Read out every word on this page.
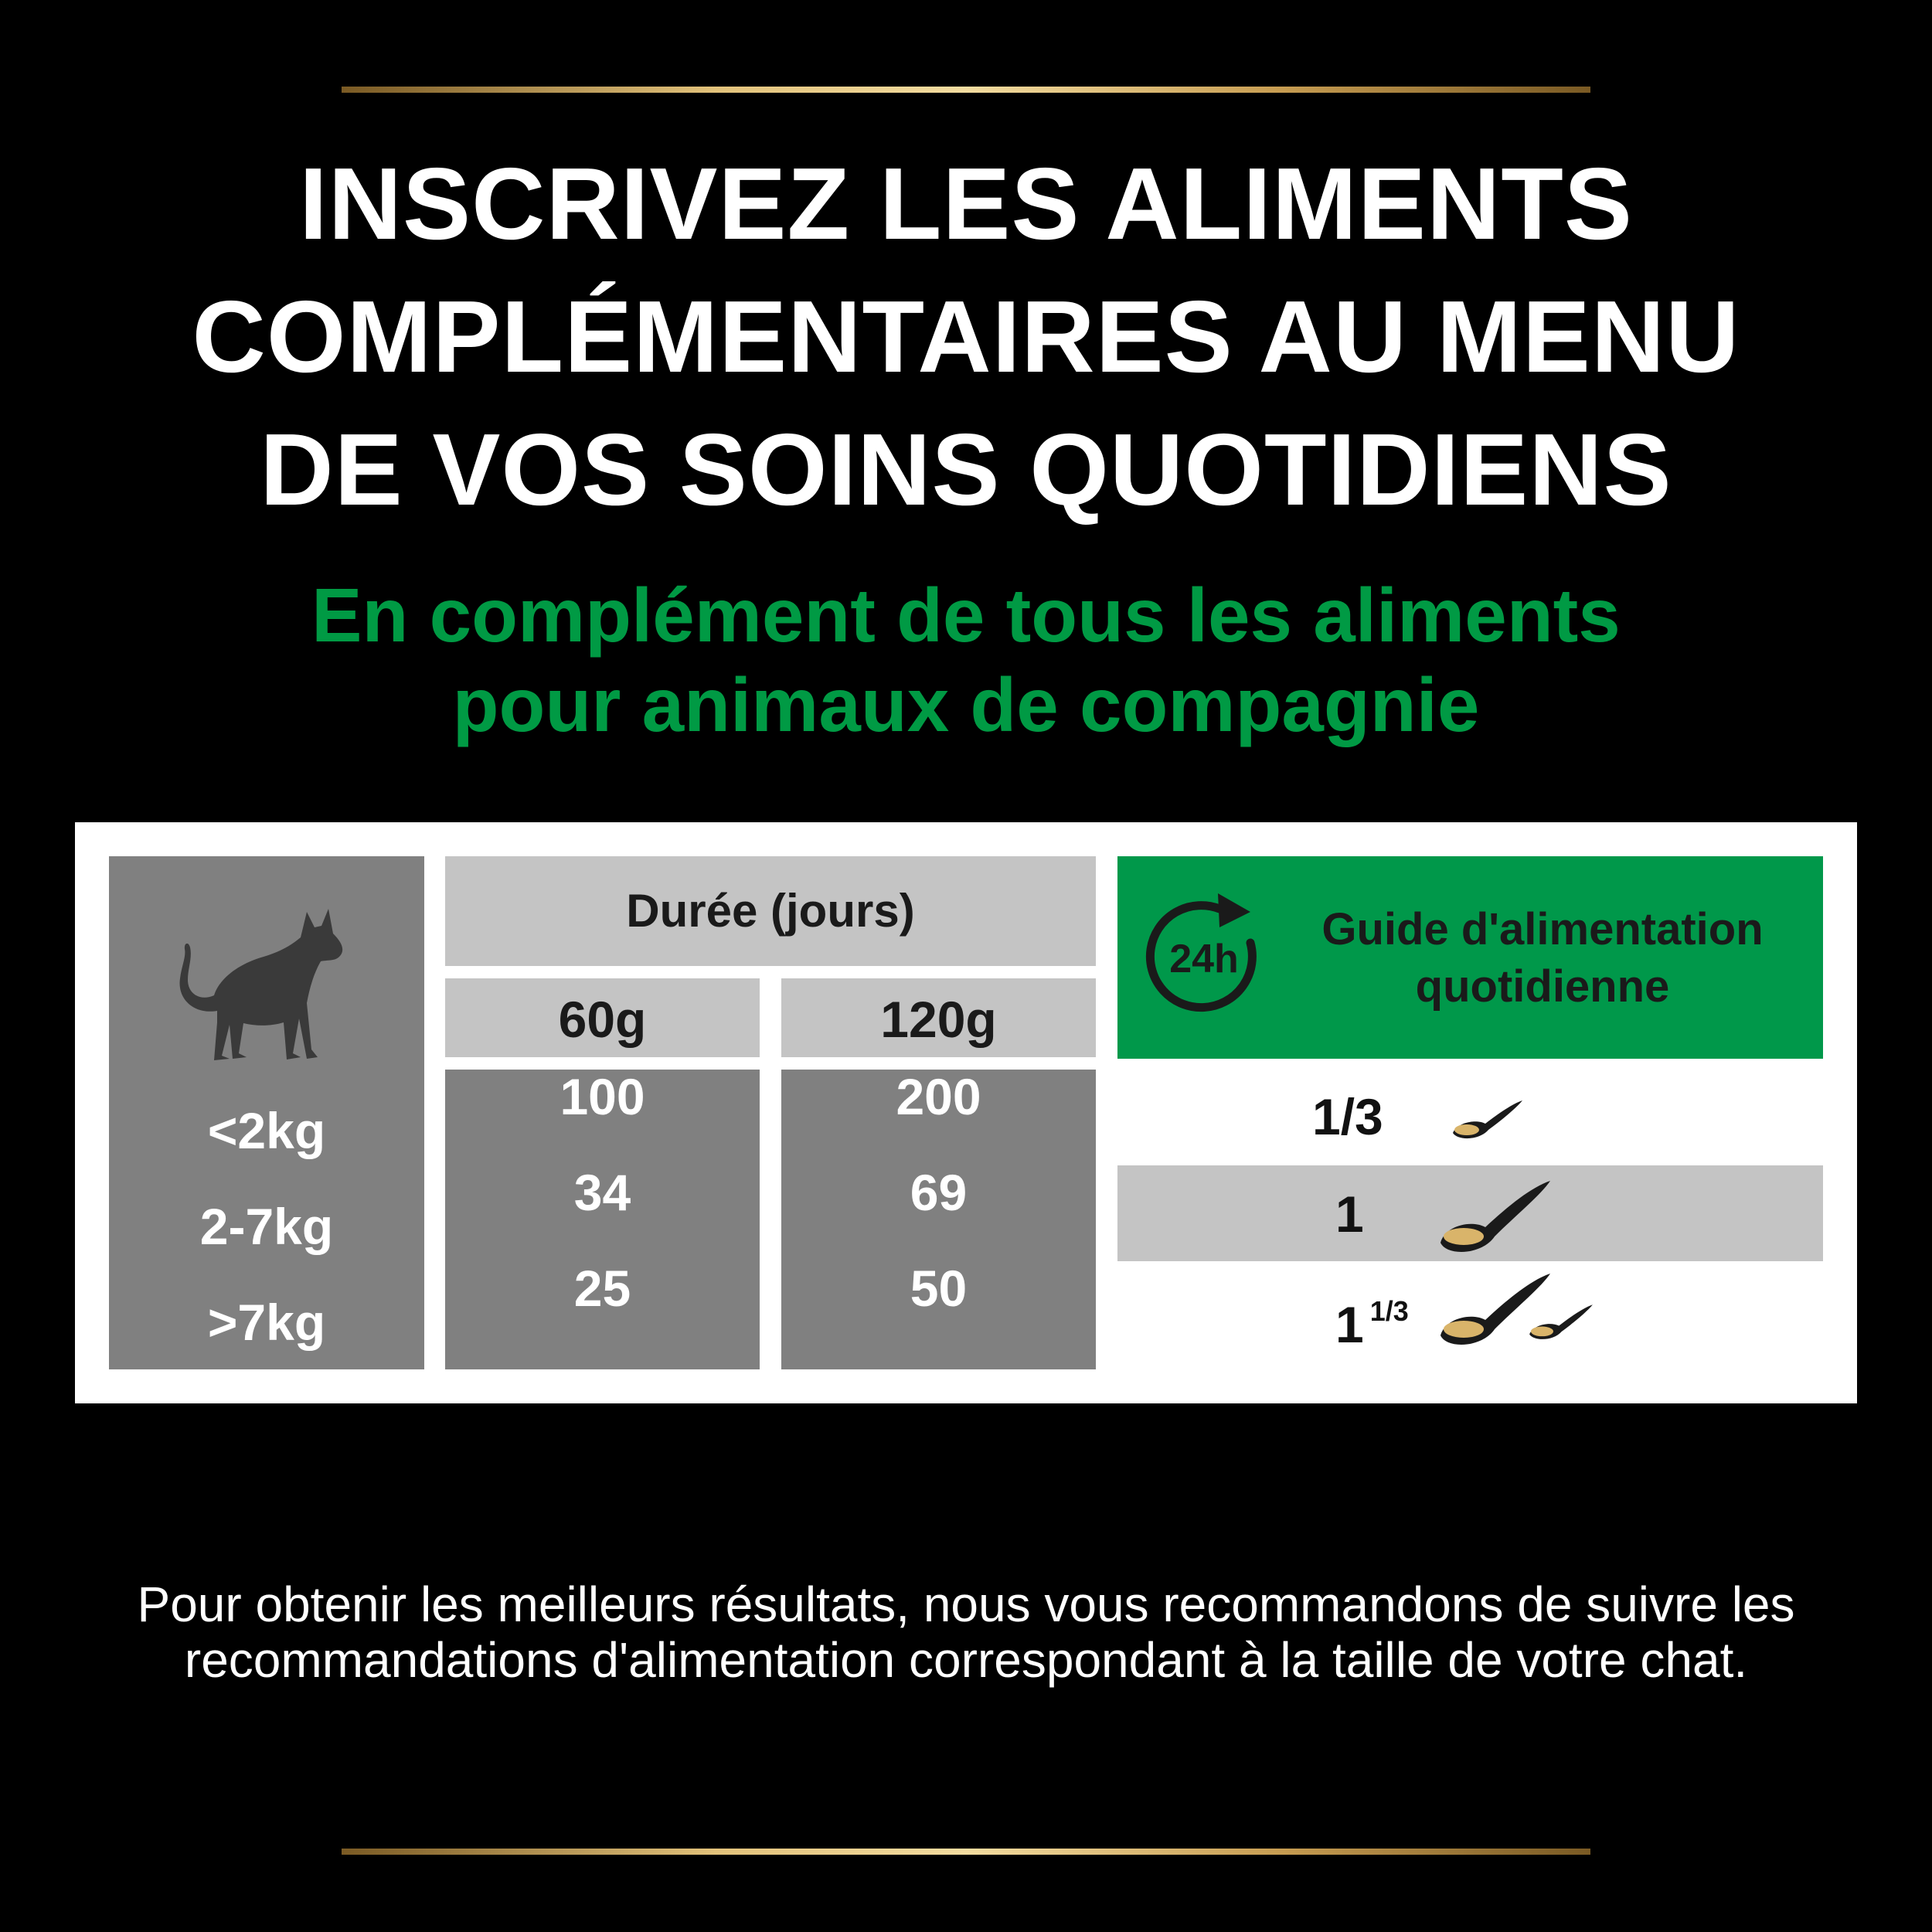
INSCRIVEZ LES ALIMENTS
COMPLÉMENTAIRES AU MENU
DE VOS SOINS QUOTIDIENS
En complément de tous les aliments
pour animaux de compagnie
<2kg
2-7kg
>7kg
Durée (jours)
60g	120g
100
34
25
200
69
50
24h
Guide d'alimentation
quotidienne
1/3
1
1 $^{1/3}$
Pour obtenir les meilleurs résultats, nous vous recommandons de suivre les
recommandations d'alimentation correspondant à la taille de votre chat.
